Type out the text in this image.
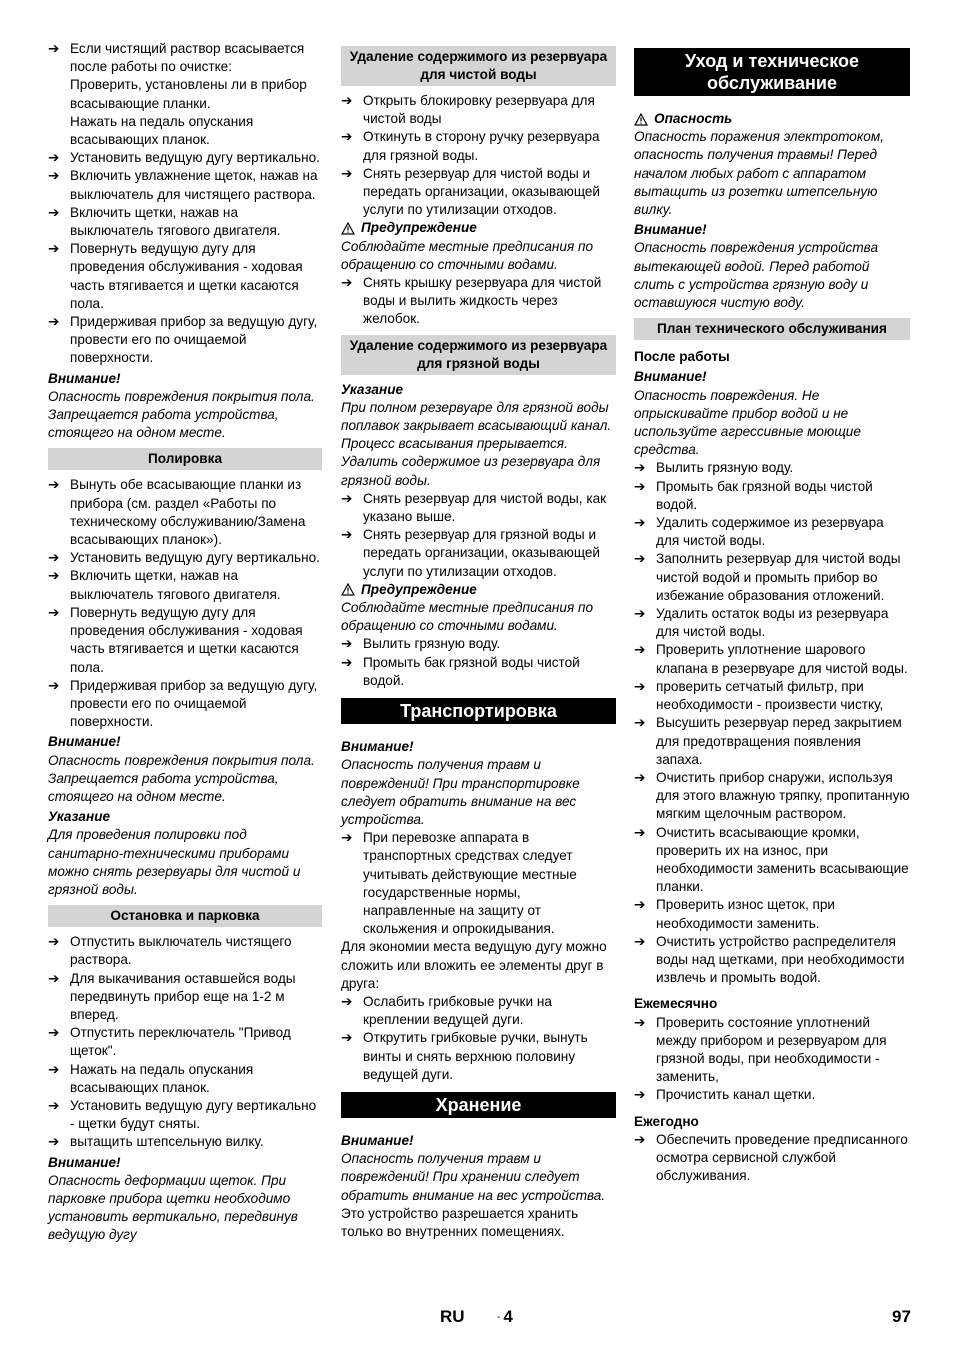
➔ Если чистящий раствор всасывается после работы по очистке:
Проверить, установлены ли в прибор всасывающие планки.
Нажать на педаль опускания всасывающих планок.
➔ Установить ведущую дугу вертикально.
➔ Включить увлажнение щеток, нажав на выключатель для чистящего раствора.
➔ Включить щетки, нажав на выключатель тягового двигателя.
➔ Повернуть ведущую дугу для проведения обслуживания - ходовая часть втягивается и щетки касаются пола.
➔ Придерживая прибор за ведущую дугу, провести его по очищаемой поверхности.
Внимание!
Опасность повреждения покрытия пола. Запрещается работа устройства, стоящего на одном месте.
Полировка
➔ Вынуть обе всасывающие планки из прибора (см. раздел «Работы по техническому обслуживанию/Замена всасывающих планок»).
➔ Установить ведущую дугу вертикально.
➔ Включить щетки, нажав на выключатель тягового двигателя.
➔ Повернуть ведущую дугу для проведения обслуживания - ходовая часть втягивается и щетки касаются пола.
➔ Придерживая прибор за ведущую дугу, провести его по очищаемой поверхности.
Внимание!
Опасность повреждения покрытия пола. Запрещается работа устройства, стоящего на одном месте.
Указание
Для проведения полировки под санитарно-техническими приборами можно снять резервуары для чистой и грязной воды.
Остановка и парковка
➔ Отпустить выключатель чистящего раствора.
➔ Для выкачивания оставшейся воды передвинуть прибор еще на 1-2 м вперед.
➔ Отпустить переключатель "Привод щеток".
➔ Нажать на педаль опускания всасывающих планок.
➔ Установить ведущую дугу вертикально - щетки будут сняты.
➔ вытащить штепсельную вилку.
Внимание!
Опасность деформации щеток. При парковке прибора щетки необходимо установить вертикально, передвинув ведущую дугу
Удаление содержимого из резервуара для чистой воды
➔ Открыть блокировку резервуара для чистой воды
➔ Откинуть в сторону ручку резервуара для грязной воды.
➔ Снять резервуар для чистой воды и передать организации, оказывающей услуги по утилизации отходов.
Предупреждение
Соблюдайте местные предписания по обращению со сточными водами.
➔ Снять крышку резервуара для чистой воды и вылить жидкость через желобок.
Удаление содержимого из резервуара для грязной воды
Указание
При полном резервуаре для грязной воды поплавок закрывает всасывающий канал. Процесс всасывания прерывается. Удалить содержимое из резервуара для грязной воды.
➔ Снять резервуар для чистой воды, как указано выше.
➔ Снять резервуар для грязной воды и передать организации, оказывающей услуги по утилизации отходов.
Предупреждение
Соблюдайте местные предписания по обращению со сточными водами.
➔ Вылить грязную воду.
➔ Промыть бак грязной воды чистой водой.
Транспортировка
Внимание!
Опасность получения травм и повреждений! При транспортировке следует обратить внимание на вес устройства.
➔ При перевозке аппарата в транспортных средствах следует учитывать действующие местные государственные нормы, направленные на защиту от скольжения и опрокидывания.
Для экономии места ведущую дугу можно сложить или вложить ее элементы друг в друга:
➔ Ослабить грибковые ручки на креплении ведущей дуги.
➔ Открутить грибковые ручки, вынуть винты и снять верхнюю половину ведущей дуги.
Хранение
Внимание!
Опасность получения травм и повреждений! При хранении следует обратить внимание на вес устройства.
Это устройство разрешается хранить только во внутренних помещениях.
Уход и техническое обслуживание
Опасность
Опасность поражения электротоком, опасность получения травмы! Перед началом любых работ с аппаратом вытащить из розетки штепсельную вилку.
Внимание!
Опасность повреждения устройства вытекающей водой. Перед работой слить с устройства грязную воду и оставшуюся чистую воду.
План технического обслуживания
После работы
Внимание!
Опасность повреждения. Не опрыскивайте прибор водой и не используйте агрессивные моющие средства.
➔ Вылить грязную воду.
➔ Промыть бак грязной воды чистой водой.
➔ Удалить содержимое из резервуара для чистой воды.
➔ Заполнить резервуар для чистой воды чистой водой и промыть прибор во избежание образования отложений.
➔ Удалить остаток воды из резервуара для чистой воды.
➔ Проверить уплотнение шарового клапана в резервуаре для чистой воды.
➔ проверить сетчатый фильтр, при необходимости - произвести чистку,
➔ Высушить резервуар перед закрытием для предотвращения появления запаха.
➔ Очистить прибор снаружи, используя для этого влажную тряпку, пропитанную мягким щелочным раствором.
➔ Очистить всасывающие кромки, проверить их на износ, при необходимости заменить всасывающие планки.
➔ Проверить износ щеток, при необходимости заменить.
➔ Очистить устройство распределителя воды над щетками, при необходимости извлечь и промыть водой.
Ежемесячно
➔ Проверить состояние уплотнений между прибором и резервуаром для грязной воды, при необходимости - заменить,
➔ Прочистить канал щетки.
Ежегодно
➔ Обеспечить проведение предписанного осмотра сервисной службой обслуживания.
RU	- 4	97
